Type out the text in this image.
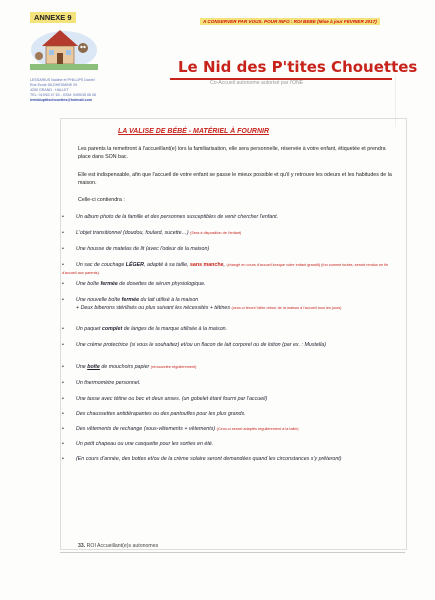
ANNEXE 9	A CONSERVER PAR VOUS. POUR INFO : ROI BEBE (Mise à jour FEVRIER 2017)

Le Nid des P'tites Chouettes
Co-Accueil autonome autorisé par l'ONE
LESSARIUS Nadine et PHILLIPS Daniel
Rue Ecole DILDHESMINE 29
4250 GRAND - HALLET
TEL: 019/63 47 63 - GSM: 0495/35 08 08
lenidduptitschouettes@hotmail.com
LA VALISE DE BÉBÉ - MATÉRIEL À FOURNIR
Les parents la remettront à l'accueillant(e) lors la familiarisation, elle sera personnelle, réservée à votre enfant, étiquetée et prendra place dans SON bac.
Elle est indispensable, afin que l'accueil de votre enfant se passe le mieux possible et qu'il y retrouve les odeurs et les habitudes de la maison.
Celle-ci contiendra :
• Un album photo de la famille et des personnes susceptibles de venir chercher l'enfant.
• L'objet transitionnel (doudou, foulard, sucette…) (Sera à disposition de l'enfant)
• Une housse de matelas de lit (avec l'odeur de la maison)
• Un sac de couchage LÉGER, adapté à sa taille, sans manche, (changé en cours d'accueil lorsque votre enfant grandit) (fun comme toutes, seront rendus en fin d'accueil aux parents).
• Une boîte fermée de dosettes de sérum physiologique.
• Une nouvelle boîte fermée du lait utilisé à la maison
+ Deux biberons stérilisés ou plus suivant les nécessités + tétines (ceux-ci feront l'aller-retour de la maison à l'accueil tous les jours)
• Un paquet complet de langes de la marque utilisée à la maison.
• Une crème protectrice (si vous le souhaitez) et/ou un flacon de lait corporel ou de lotion (par ex. : Mustella)
• Une boîte de mouchoirs papier (renouvelée régulièrement)
• Un thermomètre personnel.
• Une tasse avec tétine ou bec et deux anses. (un gobelet étant fourni par l'accueil)
• Des chaussettes antidérapantes ou des pantoufles pour les plus grands.
• Des vêtements de rechange (sous-vêtements + vêtements) (Ceux-ci seront adaptés régulièrement à la taille)
• Un petit chapeau ou une casquette pour les sorties en été.
• (En cours d'année, des bottes et/ou de la crème solaire seront demandées quand les circonstances s'y prêteront)
33. ROI Accueillant(e)s autonomes
